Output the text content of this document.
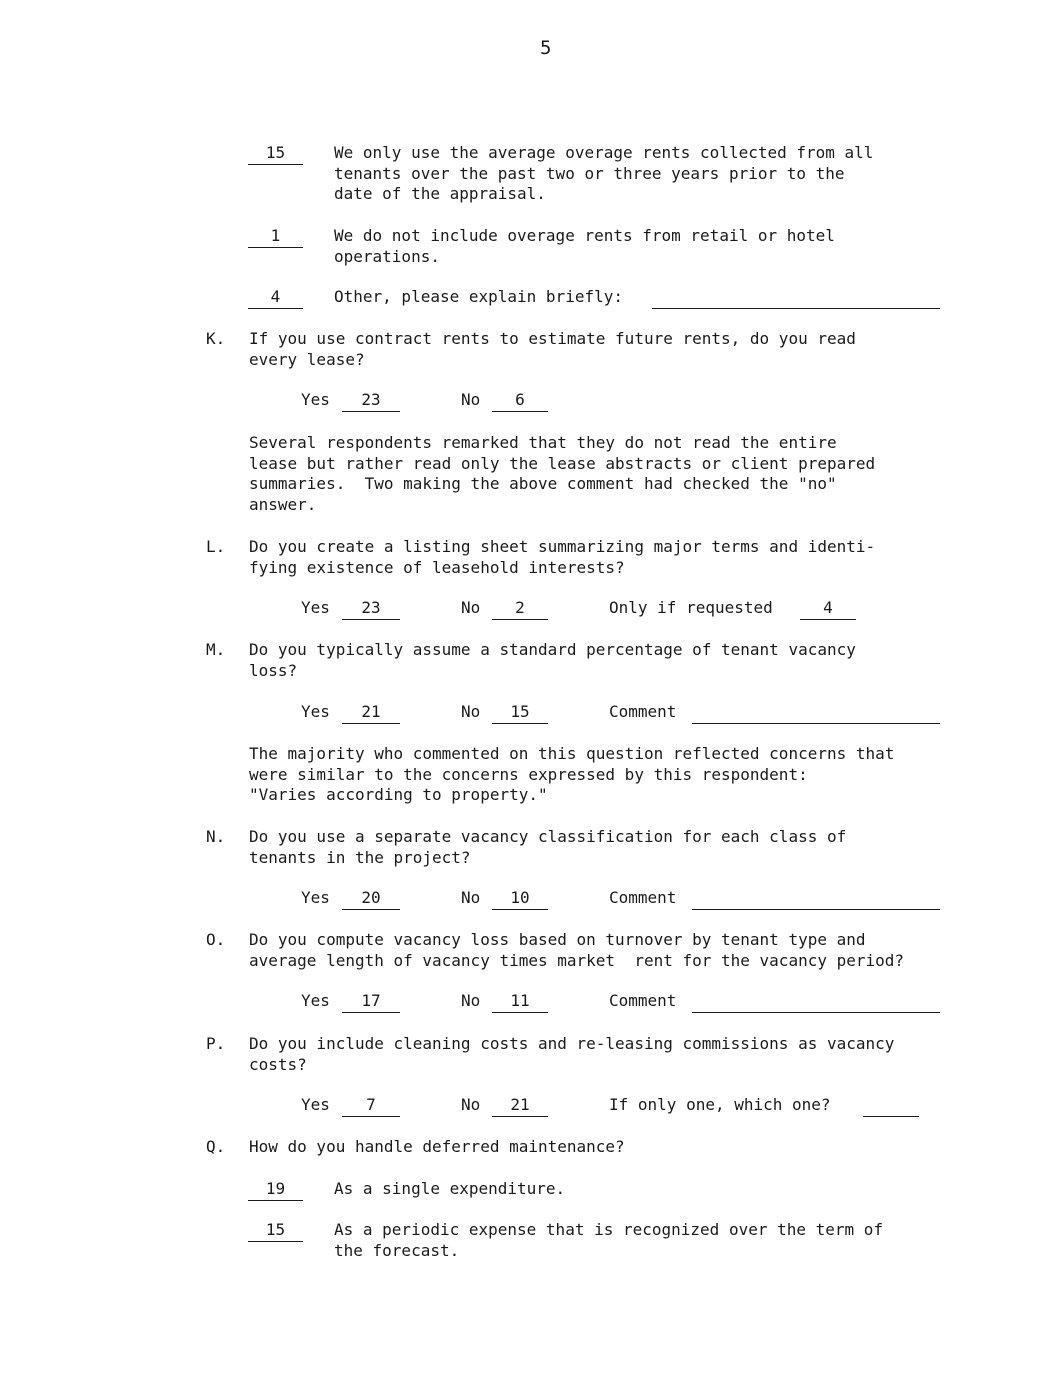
5
15	We only use the average overage rents collected from all
tenants over the past two or three years prior to the
date of the appraisal.
1	We do not include overage rents from retail or hotel
operations.
4	Other, please explain briefly:
K. If you use contract rents to estimate future rents, do you read
every lease?
Yes	23	No	6
Several respondents remarked that they do not read the entire
lease but rather read only the lease abstracts or client prepared
summaries.  Two making the above comment had checked the "no"
answer.
L. Do you create a listing sheet summarizing major terms and identi-
fying existence of leasehold interests?
Yes	23	No	2	Only if requested	4
M. Do you typically assume a standard percentage of tenant vacancy
loss?
Yes	21	No	15	Comment
The majority who commented on this question reflected concerns that
were similar to the concerns expressed by this respondent:
"Varies according to property."
N. Do you use a separate vacancy classification for each class of
tenants in the project?
Yes	20	No	10	Comment
O. Do you compute vacancy loss based on turnover by tenant type and
average length of vacancy times market  rent for the vacancy period?
Yes	17	No	11	Comment
P. Do you include cleaning costs and re-leasing commissions as vacancy
costs?
Yes	7	No	21	If only one, which one?
Q. How do you handle deferred maintenance?
19	As a single expenditure.
15	As a periodic expense that is recognized over the term of
the forecast.
